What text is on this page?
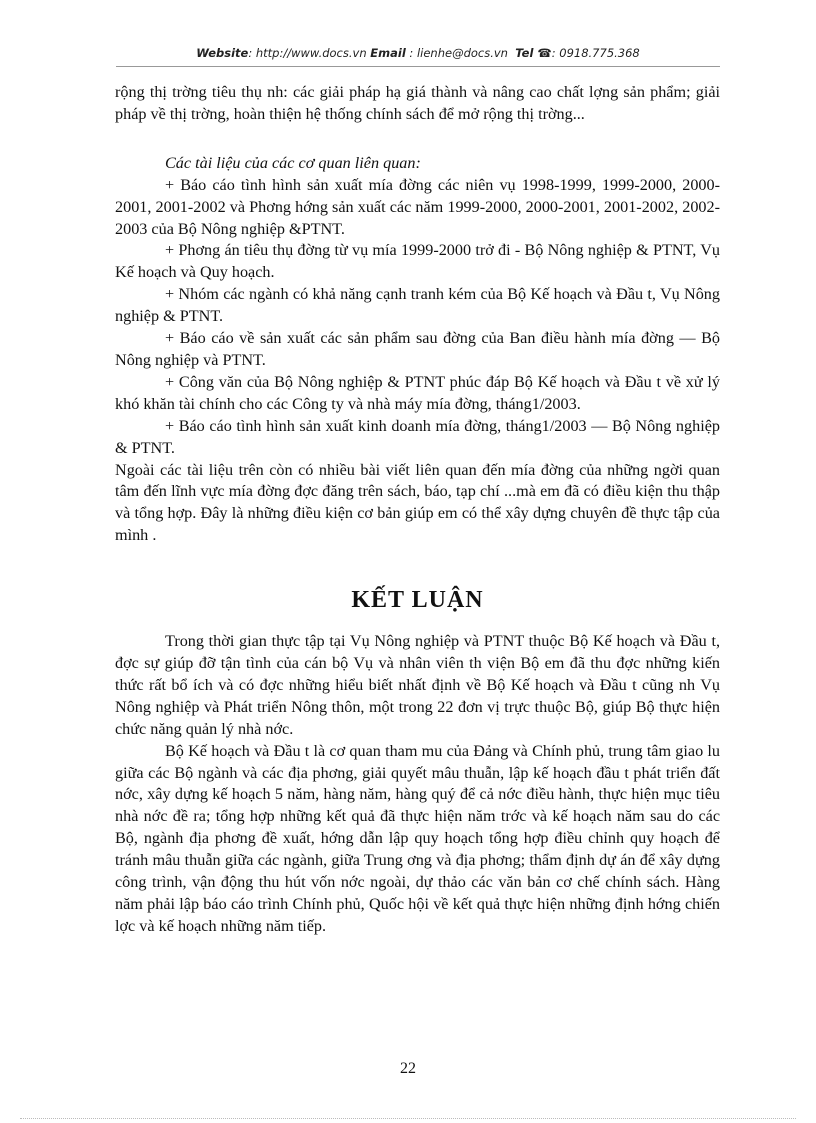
Website: http://www.docs.vn Email : lienhe@docs.vn Tel ☎: 0918.775.368

rộng thị trờng tiêu thụ nh: các giải pháp hạ giá thành và nâng cao chất lợng sản phẩm; giải pháp về thị trờng, hoàn thiện hệ thống chính sách để mở rộng thị trờng...

Các tài liệu của các cơ quan liên quan:

+ Báo cáo tình hình sản xuất mía đờng các niên vụ 1998-1999, 1999-2000, 2000-2001, 2001-2002 và Phơng hớng sản xuất các năm 1999-2000, 2000-2001, 2001-2002, 2002-2003 của Bộ Nông nghiệp &PTNT.

+ Phơng án tiêu thụ đờng từ vụ mía 1999-2000 trở đi - Bộ Nông nghiệp & PTNT, Vụ Kế hoạch và Quy hoạch.

+ Nhóm các ngành có khả năng cạnh tranh kém của Bộ Kế hoạch và Đầu t, Vụ Nông nghiệp & PTNT.

+ Báo cáo về sản xuất các sản phẩm sau đờng của Ban điều hành mía đờng — Bộ Nông nghiệp và PTNT.

+ Công văn của Bộ Nông nghiệp & PTNT phúc đáp Bộ Kế hoạch và Đầu t về xử lý khó khăn tài chính cho các Công ty và nhà máy mía đờng, tháng1/2003.

+ Báo cáo tình hình sản xuất kinh doanh mía đờng, tháng1/2003 — Bộ Nông nghiệp & PTNT.

Ngoài các tài liệu trên còn có nhiều bài viết liên quan đến mía đờng của những ngời quan tâm đến lĩnh vực mía đờng đợc đăng trên sách, báo, tạp chí ...mà em đã có điều kiện thu thập và tổng hợp. Đây là những điều kiện cơ bản giúp em có thể xây dựng chuyên đề thực tập của mình .

KẾT LUẬN

Trong thời gian thực tập tại Vụ Nông nghiệp và PTNT thuộc Bộ Kế hoạch và Đầu t, đợc sự giúp đỡ tận tình của cán bộ Vụ và nhân viên th viện Bộ em đã thu đợc những kiến thức rất bổ ích và có đợc những hiểu biết nhất định về Bộ Kế hoạch và Đầu t cũng nh Vụ Nông nghiệp và Phát triển Nông thôn, một trong 22 đơn vị trực thuộc Bộ, giúp Bộ thực hiện chức năng quản lý nhà nớc.

Bộ Kế hoạch và Đầu t là cơ quan tham mu của Đảng và Chính phủ, trung tâm giao lu giữa các Bộ ngành và các địa phơng, giải quyết mâu thuẫn, lập kế hoạch đầu t phát triển đất nớc, xây dựng kế hoạch 5 năm, hàng năm, hàng quý để cả nớc điều hành, thực hiện mục tiêu nhà nớc đề ra; tổng hợp những kết quả đã thực hiện năm trớc và kế hoạch năm sau do các Bộ, ngành địa phơng đề xuất, hớng dẫn lập quy hoạch tổng hợp điều chỉnh quy hoạch để tránh mâu thuẫn giữa các ngành, giữa Trung ơng và địa phơng; thẩm định dự án để xây dựng công trình, vận động thu hút vốn nớc ngoài, dự thảo các văn bản cơ chế chính sách. Hàng năm phải lập báo cáo trình Chính phủ, Quốc hội về kết quả thực hiện những định hớng chiến lợc và kế hoạch những năm tiếp.

22
